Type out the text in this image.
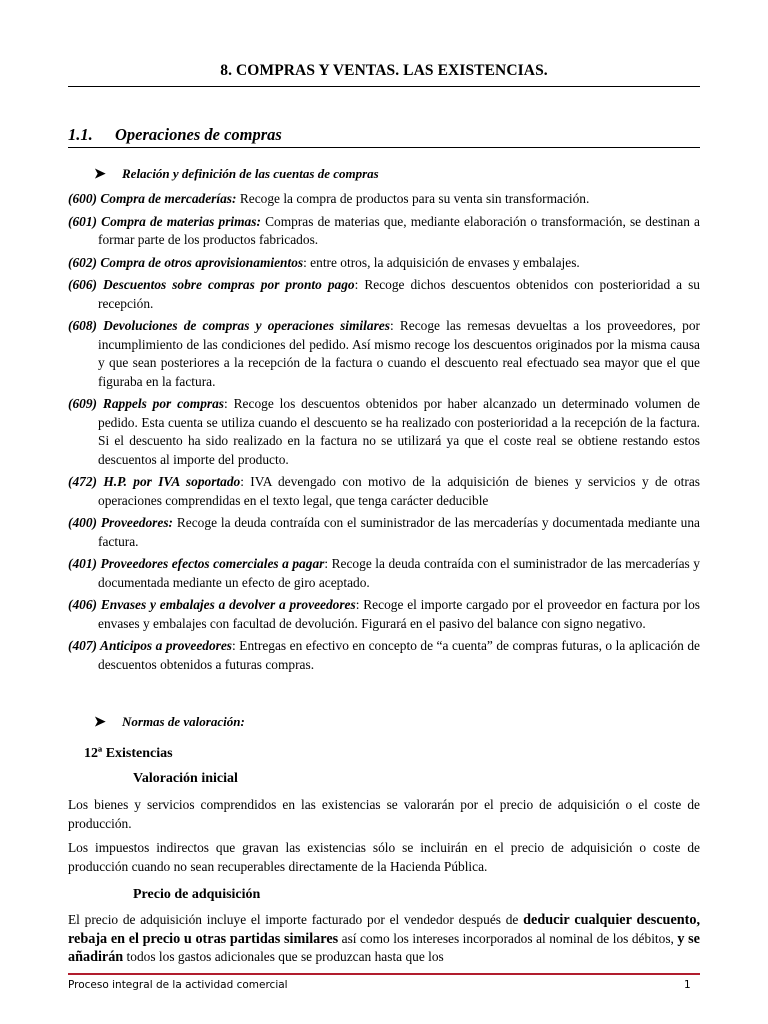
8. COMPRAS Y VENTAS. LAS EXISTENCIAS.
1.1. Operaciones de compras
➤ Relación y definición de las cuentas de compras

(600) Compra de mercaderías: Recoge la compra de productos para su venta sin transformación.

(601) Compra de materias primas: Compras de materias que, mediante elaboración o transformación, se destinan a formar parte de los productos fabricados.

(602) Compra de otros aprovisionamientos: entre otros, la adquisición de envases y embalajes.

(606) Descuentos sobre compras por pronto pago: Recoge dichos descuentos obtenidos con posterioridad a su recepción.

(608) Devoluciones de compras y operaciones similares: Recoge las remesas devueltas a los proveedores, por incumplimiento de las condiciones del pedido. Así mismo recoge los descuentos originados por la misma causa y que sean posteriores a la recepción de la factura o cuando el descuento real efectuado sea mayor que el que figuraba en la factura.

(609) Rappels por compras: Recoge los descuentos obtenidos por haber alcanzado un determinado volumen de pedido. Esta cuenta se utiliza cuando el descuento se ha realizado con posterioridad a la recepción de la factura. Si el descuento ha sido realizado en la factura no se utilizará ya que el coste real se obtiene restando estos descuentos al importe del producto.

(472) H.P. por IVA soportado: IVA devengado con motivo de la adquisición de bienes y servicios y de otras operaciones comprendidas en el texto legal, que tenga carácter deducible

(400) Proveedores: Recoge la deuda contraída con el suministrador de las mercaderías y documentada mediante una factura.

(401) Proveedores efectos comerciales a pagar: Recoge la deuda contraída con el suministrador de las mercaderías y documentada mediante un efecto de giro aceptado.

(406) Envases y embalajes a devolver a proveedores: Recoge el importe cargado por el proveedor en factura por los envases y embalajes con facultad de devolución. Figurará en el pasivo del balance con signo negativo.

(407) Anticipos a proveedores: Entregas en efectivo en concepto de “a cuenta” de compras futuras, o la aplicación de descuentos obtenidos a futuras compras.

➤ Normas de valoración:
12ª Existencias
Valoración inicial

Los bienes y servicios comprendidos en las existencias se valorarán por el precio de adquisición o el coste de producción.

Los impuestos indirectos que gravan las existencias sólo se incluirán en el precio de adquisición o coste de producción cuando no sean recuperables directamente de la Hacienda Pública.

Precio de adquisición

El precio de adquisición incluye el importe facturado por el vendedor después de deducir cualquier descuento, rebaja en el precio u otras partidas similares así como los intereses incorporados al nominal de los débitos, y se añadirán todos los gastos adicionales que se produzcan hasta que los

Proceso integral de la actividad comercial	1
